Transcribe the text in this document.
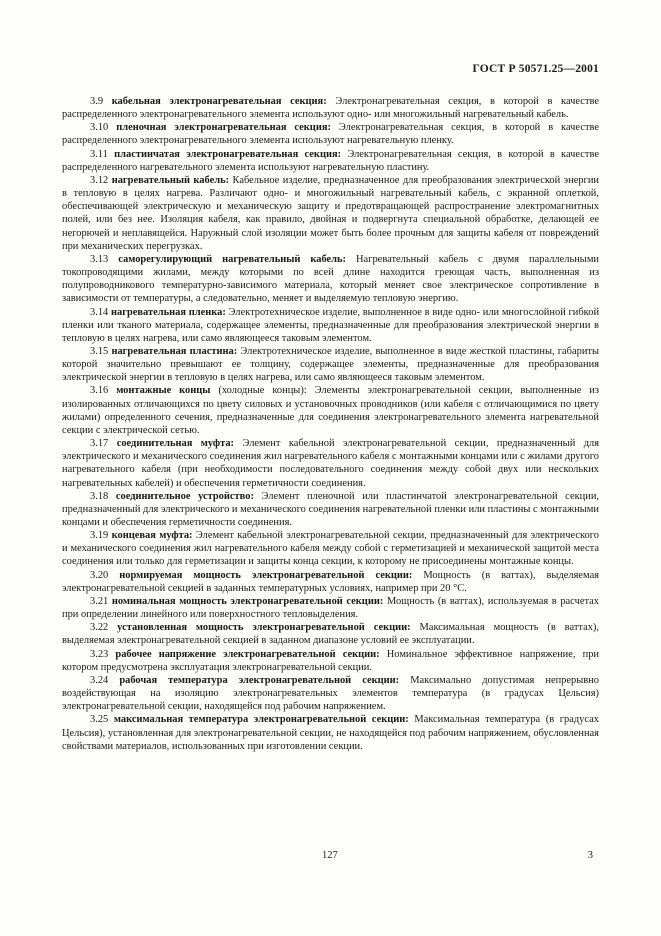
ГОСТ Р 50571.25—2001

3.9 кабельная электронагревательная секция: Электронагревательная секция, в которой в качестве распределенного электронагревательного элемента используют одно- или многожильный нагревательный кабель.

3.10 пленочная электронагревательная секция: Электронагревательная секция, в которой в качестве распределенного электронагревательного элемента используют нагревательную пленку.

3.11 пластинчатая электронагревательная секция: Электронагревательная секция, в которой в качестве распределенного нагревательного элемента используют нагревательную пластину.

3.12 нагревательный кабель: Кабельное изделие, предназначенное для преобразования электрической энергии в тепловую в целях нагрева. Различают одно- и многожильный нагревательный кабель, с экранной оплеткой, обеспечивающей электрическую и механическую защиту и предотвращающей распространение электромагнитных полей, или без нее. Изоляция кабеля, как правило, двойная и подвергнута специальной обработке, делающей ее негорючей и неплавящейся. Наружный слой изоляции может быть более прочным для защиты кабеля от повреждений при механических перегрузках.

3.13 саморегулирующий нагревательный кабель: Нагревательный кабель с двумя параллельными токопроводящими жилами, между которыми по всей длине находится греющая часть, выполненная из полупроводникового температурно-зависимого материала, который меняет свое электрическое сопротивление в зависимости от температуры, а следовательно, меняет и выделяемую тепловую энергию.

3.14 нагревательная пленка: Электротехническое изделие, выполненное в виде одно- или многослойной гибкой пленки или тканого материала, содержащее элементы, предназначенные для преобразования электрической энергии в тепловую в целях нагрева, или само являющееся таковым элементом.

3.15 нагревательная пластина: Электротехническое изделие, выполненное в виде жесткой пластины, габариты которой значительно превышают ее толщину, содержащее элементы, предназначенные для преобразования электрической энергии в тепловую в целях нагрева, или само являющееся таковым элементом.

3.16 монтажные концы (холодные концы): Элементы электронагревательной секции, выполненные из изолированных отличающихся по цвету силовых и установочных проводников (или кабеля с отличающимися по цвету жилами) определенного сечения, предназначенные для соединения электронагревательного элемента нагревательной секции с электрической сетью.

3.17 соединительная муфта: Элемент кабельной электронагревательной секции, предназначенный для электрического и механического соединения жил нагревательного кабеля с монтажными концами или с жилами другого нагревательного кабеля (при необходимости последовательного соединения между собой двух или нескольких нагревательных кабелей) и обеспечения герметичности соединения.

3.18 соединительное устройство: Элемент пленочной или пластинчатой электронагревательной секции, предназначенный для электрического и механического соединения нагревательной пленки или пластины с монтажными концами и обеспечения герметичности соединения.

3.19 концевая муфта: Элемент кабельной электронагревательной секции, предназначенный для электрического и механического соединения жил нагревательного кабеля между собой с герметизацией и механической защитой места соединения или только для герметизации и защиты конца секции, к которому не присоединены монтажные концы.

3.20 нормируемая мощность электронагревательной секции: Мощность (в ваттах), выделяемая электронагревательной секцией в заданных температурных условиях, например при 20 °С.

3.21 номинальная мощность электронагревательной секции: Мощность (в ваттах), используемая в расчетах при определении линейного или поверхностного тепловыделения.

3.22 установленная мощность электронагревательной секции: Максимальная мощность (в ваттах), выделяемая электронагревательной секцией в заданном диапазоне условий ее эксплуатации.

3.23 рабочее напряжение электронагревательной секции: Номинальное эффективное напряжение, при котором предусмотрена эксплуатация электронагревательной секции.

3.24 рабочая температура электронагревательной секции: Максимально допустимая непрерывно воздействующая на изоляцию электронагревательных элементов температура (в градусах Цельсия) электронагревательной секции, находящейся под рабочим напряжением.

3.25 максимальная температура электронагревательной секции: Максимальная температура (в градусах Цельсия), установленная для электронагревательной секции, не находящейся под рабочим напряжением, обусловленная свойствами материалов, использованных при изготовлении секции.

127	3
